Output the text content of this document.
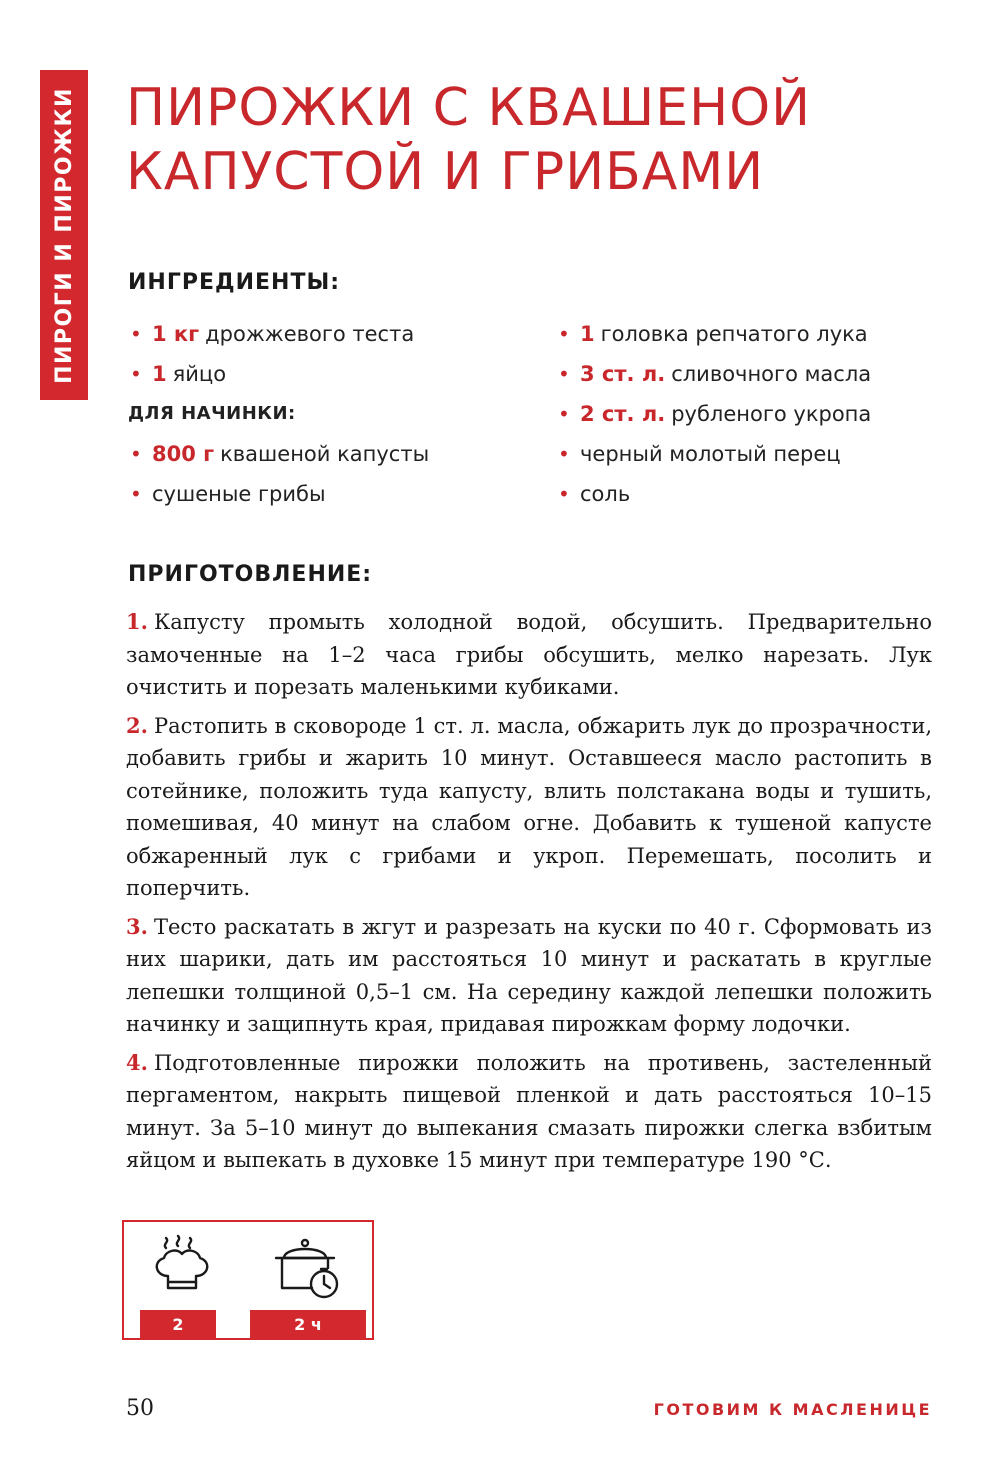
ПИРОГИ И ПИРОЖКИ ПИРОЖКИ С КВАШЕНОЙ
КАПУСТОЙ И ГРИБАМИ
ИНГРЕДИЕНТЫ:
• 1 кг дрожжевого теста
• 1 яйцо
ДЛЯ НАЧИНКИ:
• 800 г квашеной капусты
• сушеные грибы
• 1 головка репчатого лука
• 3 ст. л. сливочного масла
• 2 ст. л. рубленого укропа
• черный молотый перец
• соль
ПРИГОТОВЛЕНИЕ:

1. Капусту промыть холодной водой, обсушить. Предварительно замоченные на 1–2 часа грибы обсушить, мелко нарезать. Лук очистить и порезать маленькими кубиками.

2. Растопить в сковороде 1 ст. л. масла, обжарить лук до прозрачности, добавить грибы и жарить 10 минут. Оставшееся масло растопить в сотейнике, положить туда капусту, влить полстакана воды и тушить, помешивая, 40 минут на слабом огне. Добавить к тушеной капусте обжаренный лук с грибами и укроп. Перемешать, посолить и поперчить.

3. Тесто раскатать в жгут и разрезать на куски по 40 г. Сформовать из них шарики, дать им расстояться 10 минут и раскатать в круглые лепешки толщиной 0,5–1 см. На середину каждой лепешки положить начинку и защипнуть края, придавая пирожкам форму лодочки.

4. Подготовленные пирожки положить на противень, застеленный пергаментом, накрыть пищевой пленкой и дать расстояться 10–15 минут. За 5–10 минут до выпекания смазать пирожки слегка взбитым яйцом и выпекать в духовке 15 минут при температуре 190 °С.

2	2 ч
50	ГОТОВИМ К МАСЛЕНИЦЕ
